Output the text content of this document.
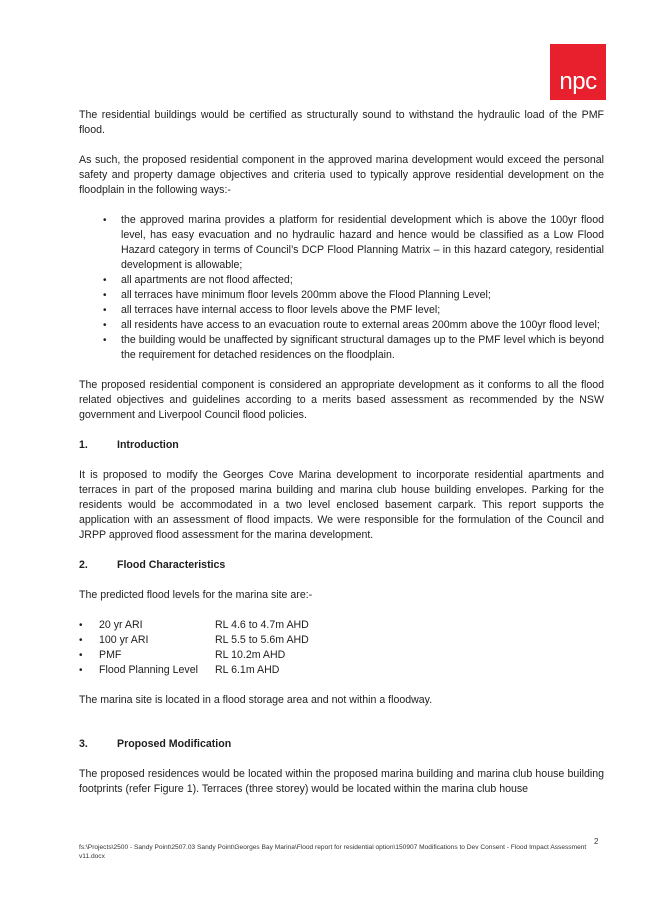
npc

The residential buildings would be certified as structurally sound to withstand the hydraulic load of the PMF flood.

As such, the proposed residential component in the approved marina development would exceed the personal safety and property damage objectives and criteria used to typically approve residential development on the floodplain in the following ways:-

• the approved marina provides a platform for residential development which is above the 100yr flood level, has easy evacuation and no hydraulic hazard and hence would be classified as a Low Flood Hazard category in terms of Council’s DCP Flood Planning Matrix – in this hazard category, residential development is allowable;
• all apartments are not flood affected;
• all terraces have minimum floor levels 200mm above the Flood Planning Level;
• all terraces have internal access to floor levels above the PMF level;
• all residents have access to an evacuation route to external areas 200mm above the 100yr flood level;
• the building would be unaffected by significant structural damages up to the PMF level which is beyond the requirement for detached residences on the floodplain.

The proposed residential component is considered an appropriate development as it conforms to all the flood related objectives and guidelines according to a merits based assessment as recommended by the NSW government and Liverpool Council flood policies.

1.	Introduction

It is proposed to modify the Georges Cove Marina development to incorporate residential apartments and terraces in part of the proposed marina building and marina club house building envelopes. Parking for the residents would be accommodated in a two level enclosed basement carpark. This report supports the application with an assessment of flood impacts. We were responsible for the formulation of the Council and JRPP approved flood assessment for the marina development.

2.	Flood Characteristics

The predicted flood levels for the marina site are:-

• 20 yr ARI	RL 4.6 to 4.7m AHD
• 100 yr ARI	RL 5.5 to 5.6m AHD
• PMF	RL 10.2m AHD
• Flood Planning Level	RL 6.1m AHD

The marina site is located in a flood storage area and not within a floodway.

3.	Proposed Modification

The proposed residences would be located within the proposed marina building and marina club house building footprints (refer Figure 1). Terraces (three storey) would be located within the marina club house

2
fs:\Projects\2500 - Sandy Point\2507.03 Sandy Point\Georges Bay Marina\Flood report for residential option\150907 Modifications to Dev Consent - Flood Impact Assessment v11.docx
